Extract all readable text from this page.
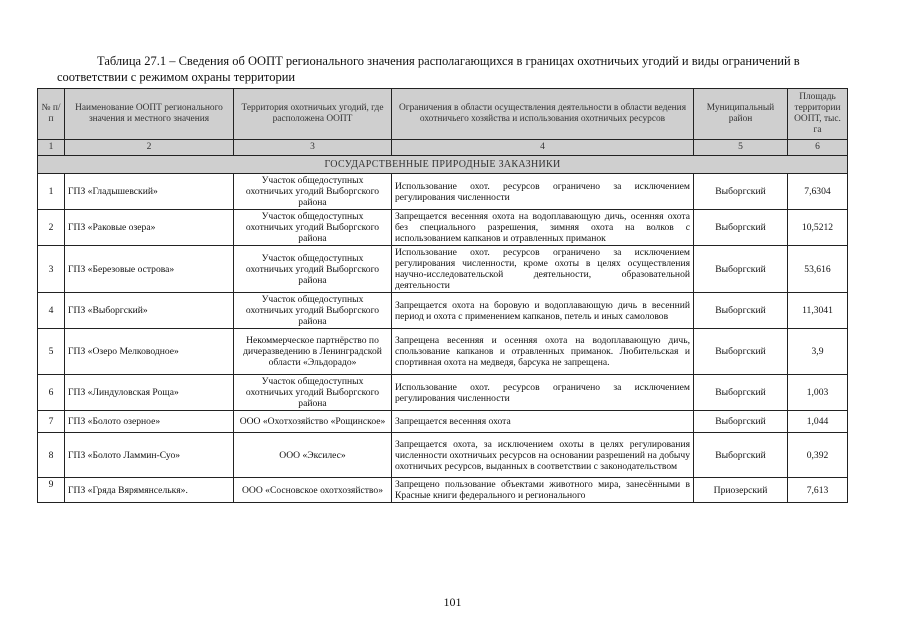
Таблица 27.1 – Сведения об ООПТ регионального значения располагающихся в границах охотничьих угодий и виды ограничений в
соответствии с режимом охраны территории
№ п/п	Наименование ООПТ регионального значения и местного значения	Территория охотничьих угодий, где расположена ООПТ	Ограничения в области осуществления деятельности в области ведения охотничьего хозяйства и использования охотничьих ресурсов	Муниципальный район	Площадь территории ООПТ, тыс. га
1	2	3	4	5	6
ГОСУДАРСТВЕННЫЕ ПРИРОДНЫЕ ЗАКАЗНИКИ					
1	ГПЗ «Гладышевский»	Участок общедоступных охотничьих угодий Выборгского района	Использование охот. ресурсов ограничено за исключением регулирования численности	Выборгский	7,6304
2	ГПЗ «Раковые озера»	Участок общедоступных охотничьих угодий Выборгского района	Запрещается весенняя охота на водоплавающую дичь, осенняя охота без специального разрешения, зимняя охота на волков с использованием капканов и отравленных приманок	Выборгский	10,5212
3	ГПЗ «Березовые острова»	Участок общедоступных охотничьих угодий Выборгского района	Использование охот. ресурсов ограничено за исключением регулирования численности, кроме охоты в целях осуществления научно-исследовательской деятельности, образовательной деятельности	Выборгский	53,616
4	ГПЗ «Выборгский»	Участок общедоступных охотничьих угодий Выборгского района	Запрещается охота на боровую и водоплавающую дичь в весенний период и охота с применением капканов, петель и иных самоловов	Выборгский	11,3041
5	ГПЗ «Озеро Мелководное»	Некоммерческое партнёрство по дичеразведению в Ленинградской области «Эльдорадо»	Запрещена весенняя и осенняя охота на водоплавающую дичь, спользование капканов и отравленных приманок. Любительская и спортивная охота на медведя, барсука не запрещена.	Выборгский	3,9
6	ГПЗ «Линдуловская Роща»	Участок общедоступных охотничьих угодий Выборгского района	Использование охот. ресурсов ограничено за исключением регулирования численности	Выборгский	1,003
7	ГПЗ «Болото озерное»	ООО «Охотхозяйство «Рощинское»	Запрещается весенняя охота	Выборгский	1,044
8	ГПЗ «Болото Ламмин-Суо»	ООО «Эксилес»	Запрещается охота, за исключением охоты в целях регулирования численности охотничьих ресурсов на основании разрешений на добычу охотничьих ресурсов, выданных в соответствии с законодательством	Выборгский	0,392
9	ГПЗ «Гряда Вярямянселькя».	ООО «Сосновское охотхозяйство»	Запрещено пользование объектами животного мира, занесёнными в Красные книги федерального и регионального	Приозерский	7,613
101
